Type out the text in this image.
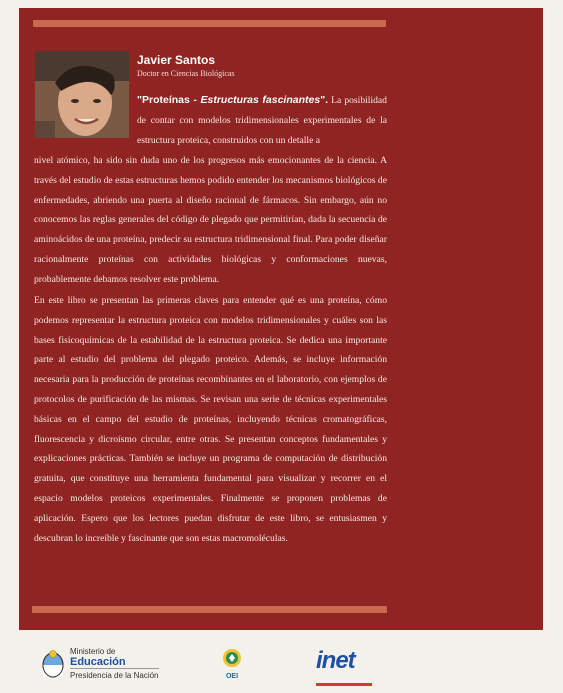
Javier Santos
Doctor en Ciencias Biológicas
"Proteínas - Estructuras fascinantes". La posibilidad de contar con modelos tridimensionales experimentales de la estructura proteica, construidos con un detalle a
nivel atómico, ha sido sin duda uno de los progresos más emocionantes de la ciencia. A través del estudio de estas estructuras hemos podido entender los mecanismos biológicos de enfermedades, abriendo una puerta al diseño racional de fármacos. Sin embargo, aún no conocemos las reglas generales del código de plegado que permitirían, dada la secuencia de aminoácidos de una proteína, predecir su estructura tridimensional final. Para poder diseñar racionalmente proteínas con actividades biológicas y conformaciones nuevas, probablemente debamos resolver este problema.
En este libro se presentan las primeras claves para entender qué es una proteína, cómo podemos representar la estructura proteica con modelos tridimensionales y cuáles son las bases fisicoquímicas de la estabilidad de la estructura proteica. Se dedica una importante parte al estudio del problema del plegado proteico. Además, se incluye información necesaria para la producción de proteínas recombinantes en el laboratorio, con ejemplos de protocolos de purificación de las mismas. Se revisan una serie de técnicas experimentales básicas en el campo del estudio de proteínas, incluyendo técnicas cromatográficas, fluorescencia y dicroísmo circular, entre otras. Se presentan conceptos fundamentales y explicaciones prácticas. También se incluye un programa de computación de distribución gratuita, que constituye una herramienta fundamental para visualizar y recorrer en el espacio modelos proteicos experimentales. Finalmente se proponen problemas de aplicación. Espero que los lectores puedan disfrutar de este libro, se entusiasmen y descubran lo increíble y fascinante que son estas macromoléculas.
Ministerio de
Educación
Presidencia de la Nación	OEI
inet
